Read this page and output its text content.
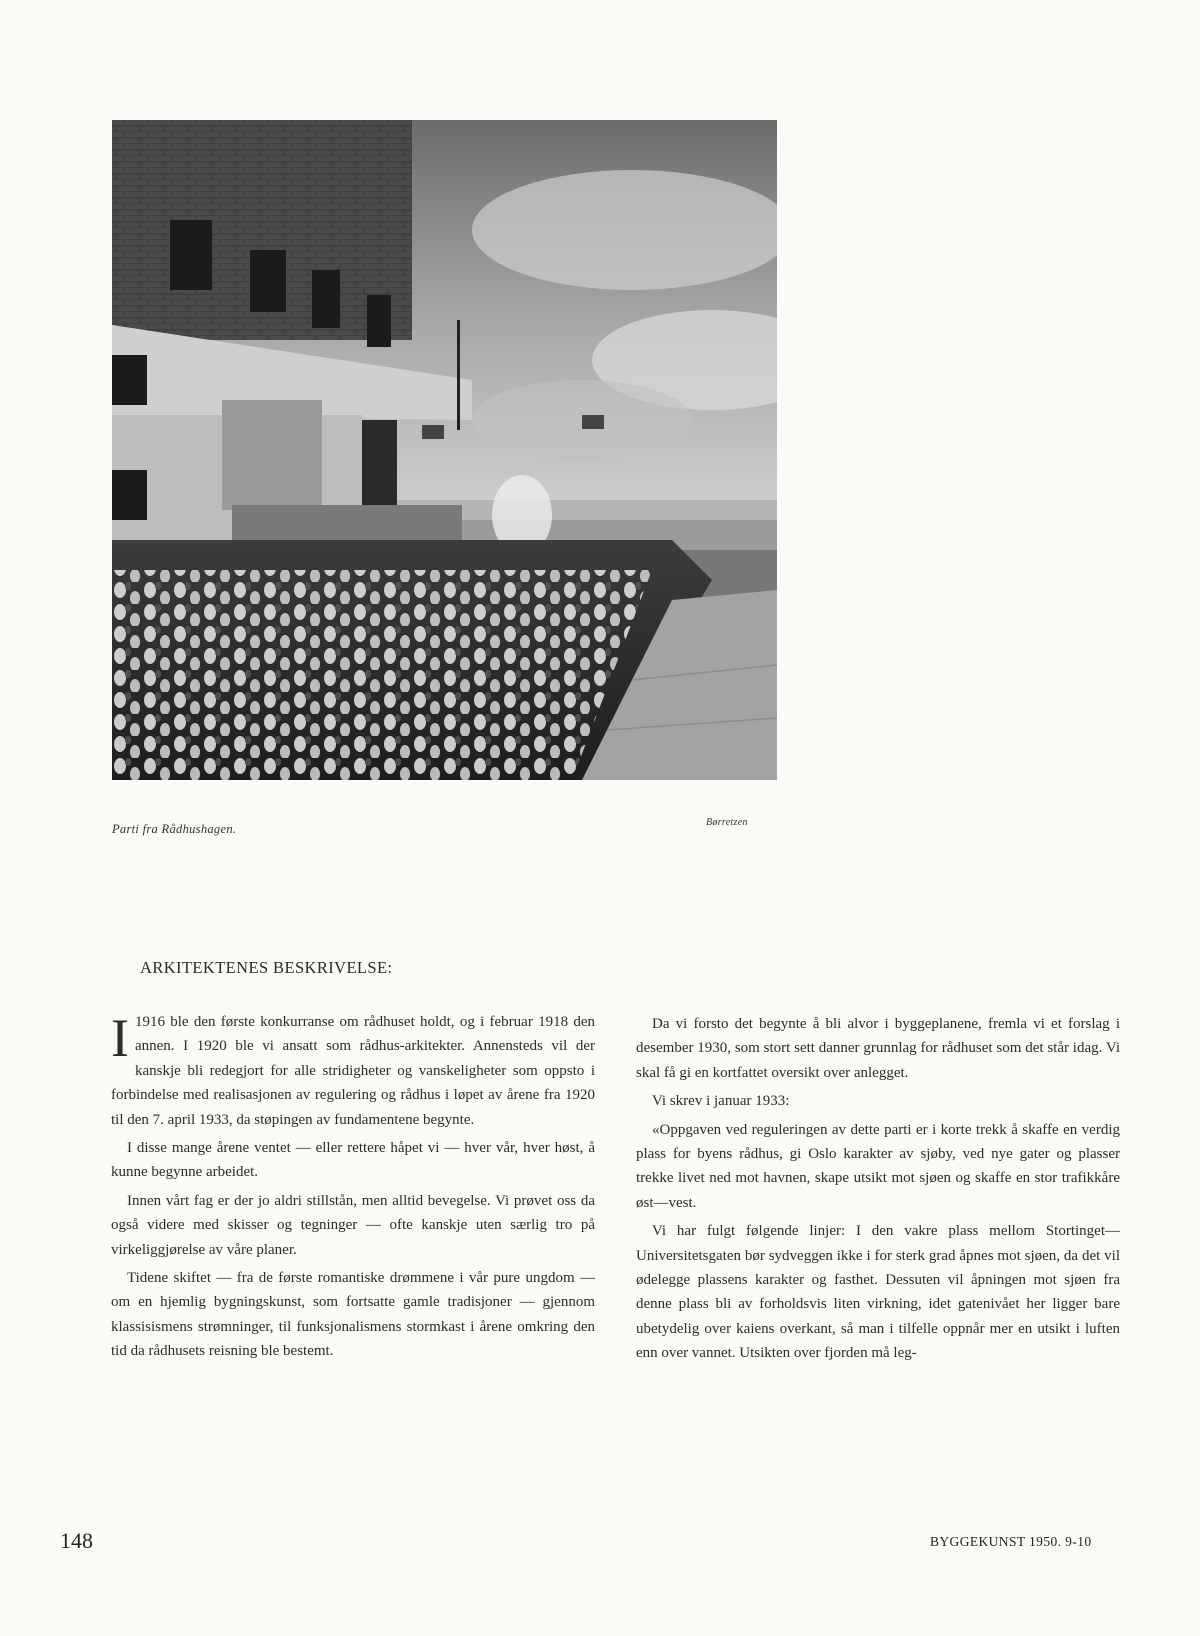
Parti fra Rådhushagen.	Børretzen
ARKITEKTENES BESKRIVELSE:

I 1916 ble den første konkurranse om rådhuset holdt, og i februar 1918 den annen. I 1920 ble vi ansatt som rådhus-arkitekter. Annensteds vil der kanskje bli redegjort for alle stridigheter og vanskeligheter som oppsto i forbindelse med realisasjonen av regulering og rådhus i løpet av årene fra 1920 til den 7. april 1933, da støpingen av fundamentene begynte.

I disse mange årene ventet — eller rettere håpet vi — hver vår, hver høst, å kunne begynne arbeidet.

Innen vårt fag er der jo aldri stillstån, men alltid bevegelse. Vi prøvet oss da også videre med skisser og tegninger — ofte kanskje uten særlig tro på virkeliggjørelse av våre planer.

Tidene skiftet — fra de første romantiske drømmene i vår pure ungdom — om en hjemlig bygningskunst, som fortsatte gamle tradisjoner — gjennom klassisismens strømninger, til funksjonalismens stormkast i årene omkring den tid da rådhusets reisning ble bestemt.

Da vi forsto det begynte å bli alvor i byggeplanene, fremla vi et forslag i desember 1930, som stort sett danner grunnlag for rådhuset som det står idag. Vi skal få gi en kortfattet oversikt over anlegget.

Vi skrev i januar 1933:

«Oppgaven ved reguleringen av dette parti er i korte trekk å skaffe en verdig plass for byens rådhus, gi Oslo karakter av sjøby, ved nye gater og plasser trekke livet ned mot havnen, skape utsikt mot sjøen og skaffe en stor trafikkåre øst—vest.

Vi har fulgt følgende linjer: I den vakre plass mellom Stortinget—Universitetsgaten bør sydveggen ikke i for sterk grad åpnes mot sjøen, da det vil ødelegge plassens karakter og fasthet. Dessuten vil åpningen mot sjøen fra denne plass bli av forholdsvis liten virkning, idet gatenivået her ligger bare ubetydelig over kaiens overkant, så man i tilfelle oppnår mer en utsikt i luften enn over vannet. Utsikten over fjorden må leg-

148	BYGGEKUNST 1950. 9-10
